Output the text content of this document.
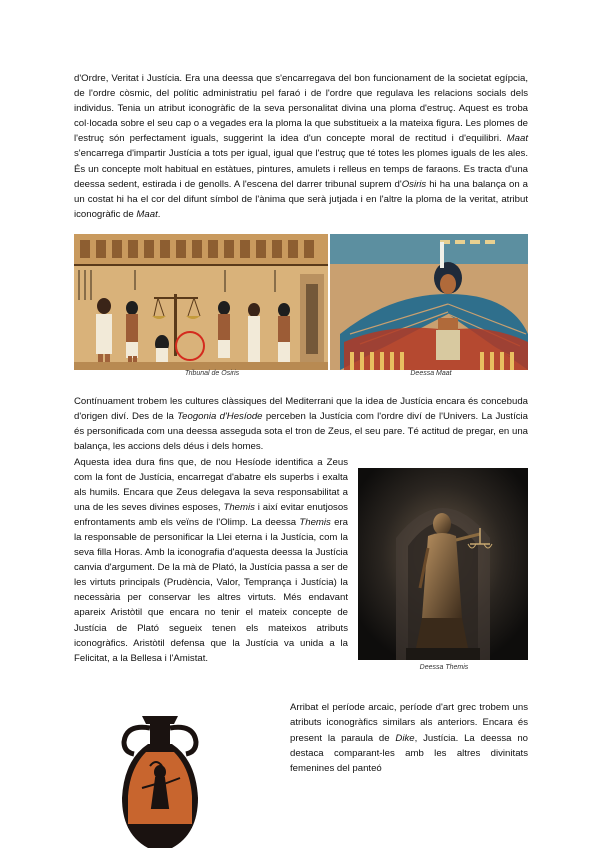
d'Ordre, Veritat i Justícia. Era una deessa que s'encarregava del bon funcionament de la societat egípcia, de l'ordre còsmic, del polític administratiu pel faraó i de l'ordre que regulava les relacions socials dels individus. Tenia un atribut iconogràfic de la seva personalitat divina una ploma d'estruç. Aquest es troba col·locada sobre el seu cap o a vegades era la ploma la que substitueix a la mateixa figura. Les plomes de l'estruç són perfectament iguals, suggerint la idea d'un concepte moral de rectitud i d'equilibri. Maat s'encarrega d'impartir Justícia a tots per igual, igual que l'estruç que té totes les plomes iguals de les ales. És un concepte molt habitual en estàtues, pintures, amulets i relleus en temps de faraons. Es tracta d'una deessa sedent, estirada i de genolls. A l'escena del darrer tribunal suprem d'Osiris hi ha una balança on a un costat hi ha el cor del difunt símbol de l'ànima que serà jutjada i en l'altre la ploma de la veritat, atribut iconogràfic de Maat.

Tribunal de Osiris	Deessa Maat

Contínuament trobem les cultures clàssiques del Mediterrani que la idea de Justícia encara és concebuda d'origen diví. Des de la Teogonia d'Hesíode perceben la Justícia com l'ordre diví de l'Univers. La Justícia és personificada com una deessa asseguda sota el tron de Zeus, el seu pare. Té actitud de pregar, en una balança, les accions dels déus i dels homes.

Aquesta idea dura fins que, de nou Hesíode identifica a Zeus com la font de Justícia, encarregat d'abatre els superbs i exalta als humils. Encara que Zeus delegava la seva responsabilitat a una de les seves divines esposes, Themis i així evitar enutjosos enfrontaments amb els veïns de l'Olimp. La deessa Themis era la responsable de personificar la Llei eterna i la Justícia, com la seva filla Horas. Amb la iconografia d'aquesta deessa la Justícia canvia d'argument. De la mà de Plató, la Justícia passa a ser de les virtuts principals (Prudència, Valor, Temprança i Justícia) la necessària per conservar les altres virtuts. Més endavant apareix Aristòtil que encara no tenir el mateix concepte de Justícia de Plató segueix tenen els mateixos atributs iconogràfics. Aristòtil defensa que la Justícia va unida a la Felicitat, a la Bellesa i l'Amistat.

Deessa Themis

Arribat el període arcaic, període d'art grec trobem uns atributs iconogràfics similars als anteriors. Encara és present la paraula de Dike, Justícia. La deessa no destaca comparant-les amb les altres divinitats femenines del panteó
